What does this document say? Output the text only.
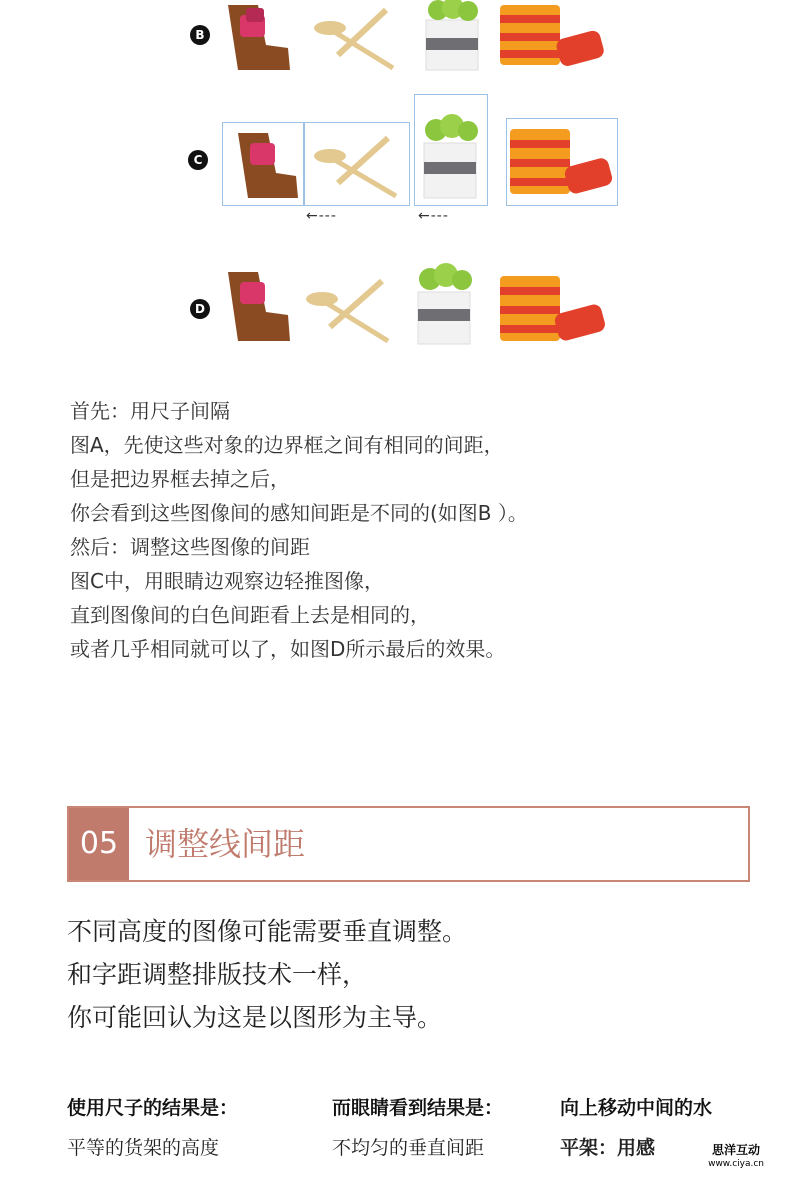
B
C
←---	←---
D
首先：用尺子间隔
图A，先使这些对象的边界框之间有相同的间距，
但是把边界框去掉之后，
你会看到这些图像间的感知间距是不同的(如图B ）。
然后：调整这些图像的间距
图C中，用眼睛边观察边轻推图像，
直到图像间的白色间距看上去是相同的，
或者几乎相同就可以了，如图D所示最后的效果。
05 调整线间距
不同高度的图像可能需要垂直调整。
和字距调整排版技术一样，
你可能回认为这是以图形为主导。
使用尺子的结果是：
平等的货架的高度
而眼睛看到结果是：
不均匀的垂直间距
向上移动中间的水
平架：用感	思洋互动
www.ciya.cn
